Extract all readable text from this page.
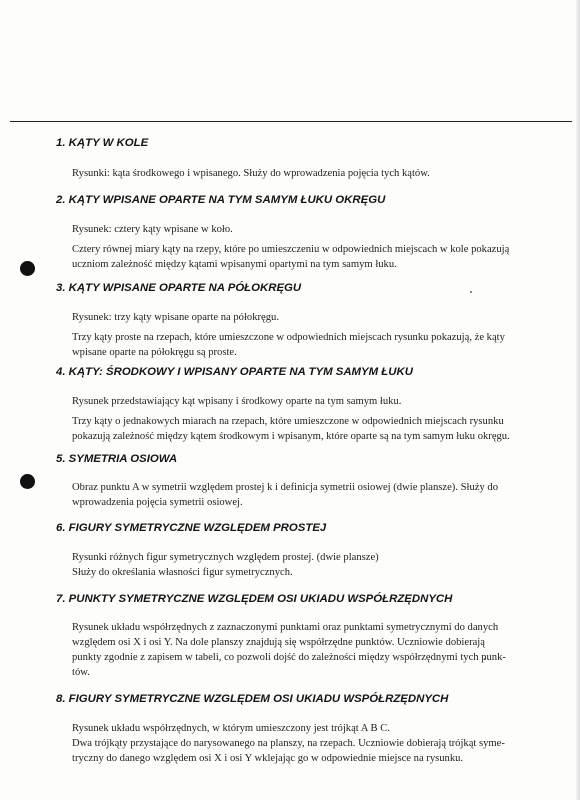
1. KĄTY W KOLE

Rysunki: kąta środkowego i wpisanego. Służy do wprowadzenia pojęcia tych kątów.

2. KĄTY WPISANE OPARTE NA TYM SAMYM ŁUKU OKRĘGU

Rysunek: cztery kąty wpisane w koło.

Cztery równej miary kąty na rzepy, które po umieszczeniu w odpowiednich miejscach w kole pokazują

uczniom zależność między kątami wpisanymi opartymi na tym samym łuku.

3. KĄTY WPISANE OPARTE NA PÓŁOKRĘGU

Rysunek: trzy kąty wpisane oparte na półokręgu.

Trzy kąty proste na rzepach, które umieszczone w odpowiednich miejscach rysunku pokazują, że kąty

wpisane oparte na półokręgu są proste.

4. KĄTY: ŚRODKOWY I WPISANY OPARTE NA TYM SAMYM ŁUKU

Rysunek przedstawiający kąt wpisany i środkowy oparte na tym samym łuku.

Trzy kąty o jednakowych miarach na rzepach, które umieszczone w odpowiednich miejscach rysunku

pokazują zależność między kątem środkowym i wpisanym, które oparte są na tym samym łuku okręgu.

5. SYMETRIA OSIOWA

Obraz punktu A w symetrii względem prostej k i definicja symetrii osiowej (dwie plansze). Służy do

wprowadzenia pojęcia symetrii osiowej.

6. FIGURY SYMETRYCZNE WZGLĘDEM PROSTEJ

Rysunki różnych figur symetrycznych względem prostej. (dwie plansze)

Służy do określania własności figur symetrycznych.

7. PUNKTY SYMETRYCZNE WZGLĘDEM OSI UKIADU WSPÓŁRZĘDNYCH

Rysunek układu współrzędnych z zaznaczonymi punktami oraz punktami symetrycznymi do danych

względem osi X i osi Y. Na dole planszy znajdują się współrzędne punktów. Uczniowie dobierają

punkty zgodnie z zapisem w tabeli, co pozwoli dojść do zależności między współrzędnymi tych punk-

tów.

8. FIGURY SYMETRYCZNE WZGLĘDEM OSI UKIADU WSPÓŁRZĘDNYCH

Rysunek układu współrzędnych, w którym umieszczony jest trójkąt A B C.

Dwa trójkąty przystające do narysowanego na planszy, na rzepach. Uczniowie dobierają trójkąt syme-

tryczny do danego względem osi X i osi Y wklejając go w odpowiednie miejsce na rysunku.
